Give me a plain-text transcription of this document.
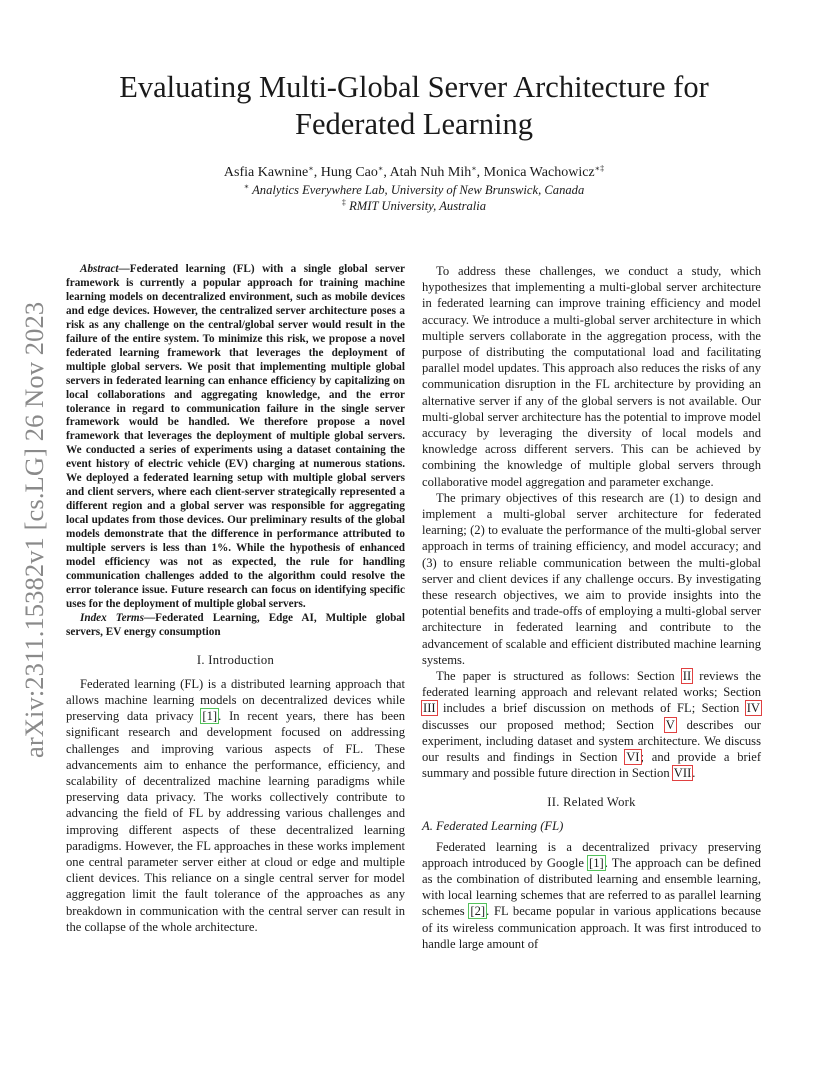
arXiv:2311.15382v1 [cs.LG] 26 Nov 2023
Evaluating Multi-Global Server Architecture for
Federated Learning
Asfia Kawnine∗, Hung Cao∗, Atah Nuh Mih∗, Monica Wachowicz∗‡
∗ Analytics Everywhere Lab, University of New Brunswick, Canada
‡ RMIT University, Australia

Abstract—Federated learning (FL) with a single global server framework is currently a popular approach for training machine learning models on decentralized environment, such as mobile devices and edge devices. However, the centralized server architecture poses a risk as any challenge on the central/global server would result in the failure of the entire system. To minimize this risk, we propose a novel federated learning framework that leverages the deployment of multiple global servers. We posit that implementing multiple global servers in federated learning can enhance efficiency by capitalizing on local collaborations and aggregating knowledge, and the error tolerance in regard to communication failure in the single server framework would be handled. We therefore propose a novel framework that leverages the deployment of multiple global servers. We conducted a series of experiments using a dataset containing the event history of electric vehicle (EV) charging at numerous stations. We deployed a federated learning setup with multiple global servers and client servers, where each client-server strategically represented a different region and a global server was responsible for aggregating local updates from those devices. Our preliminary results of the global models demonstrate that the difference in performance attributed to multiple servers is less than 1%. While the hypothesis of enhanced model efficiency was not as expected, the rule for handling communication challenges added to the algorithm could resolve the error tolerance issue. Future research can focus on identifying specific uses for the deployment of multiple global servers.

Index Terms—Federated Learning, Edge AI, Multiple global servers, EV energy consumption

I. Introduction

Federated learning (FL) is a distributed learning approach that allows machine learning models on decentralized devices while preserving data privacy [1]. In recent years, there has been significant research and development focused on addressing challenges and improving various aspects of FL. These advancements aim to enhance the performance, efficiency, and scalability of decentralized machine learning paradigms while preserving data privacy. The works collectively contribute to advancing the field of FL by addressing various challenges and improving different aspects of these decentralized learning paradigms. However, the FL approaches in these works implement one central parameter server either at cloud or edge and multiple client devices. This reliance on a single central server for model aggregation limit the fault tolerance of the approaches as any breakdown in communication with the central server can result in the collapse of the whole architecture.

To address these challenges, we conduct a study, which hypothesizes that implementing a multi-global server architecture in federated learning can improve training efficiency and model accuracy. We introduce a multi-global server architecture in which multiple servers collaborate in the aggregation process, with the purpose of distributing the computational load and facilitating parallel model updates. This approach also reduces the risks of any communication disruption in the FL architecture by providing an alternative server if any of the global servers is not available. Our multi-global server architecture has the potential to improve model accuracy by leveraging the diversity of local models and knowledge across different servers. This can be achieved by combining the knowledge of multiple global servers through collaborative model aggregation and parameter exchange.

The primary objectives of this research are (1) to design and implement a multi-global server architecture for federated learning; (2) to evaluate the performance of the multi-global server approach in terms of training efficiency, and model accuracy; and (3) to ensure reliable communication between the multi-global server and client devices if any challenge occurs. By investigating these research objectives, we aim to provide insights into the potential benefits and trade-offs of employing a multi-global server architecture in federated learning and contribute to the advancement of scalable and efficient distributed machine learning systems.

The paper is structured as follows: Section II reviews the federated learning approach and relevant related works; Section III includes a brief discussion on methods of FL; Section IV discusses our proposed method; Section V describes our experiment, including dataset and system architecture. We discuss our results and findings in Section VI; and provide a brief summary and possible future direction in Section VII.

II. Related Work
A. Federated Learning (FL)

Federated learning is a decentralized privacy preserving approach introduced by Google [1]. The approach can be defined as the combination of distributed learning and ensemble learning, with local learning schemes that are referred to as parallel learning schemes [2]. FL became popular in various applications because of its wireless communication approach. It was first introduced to handle large amount of
